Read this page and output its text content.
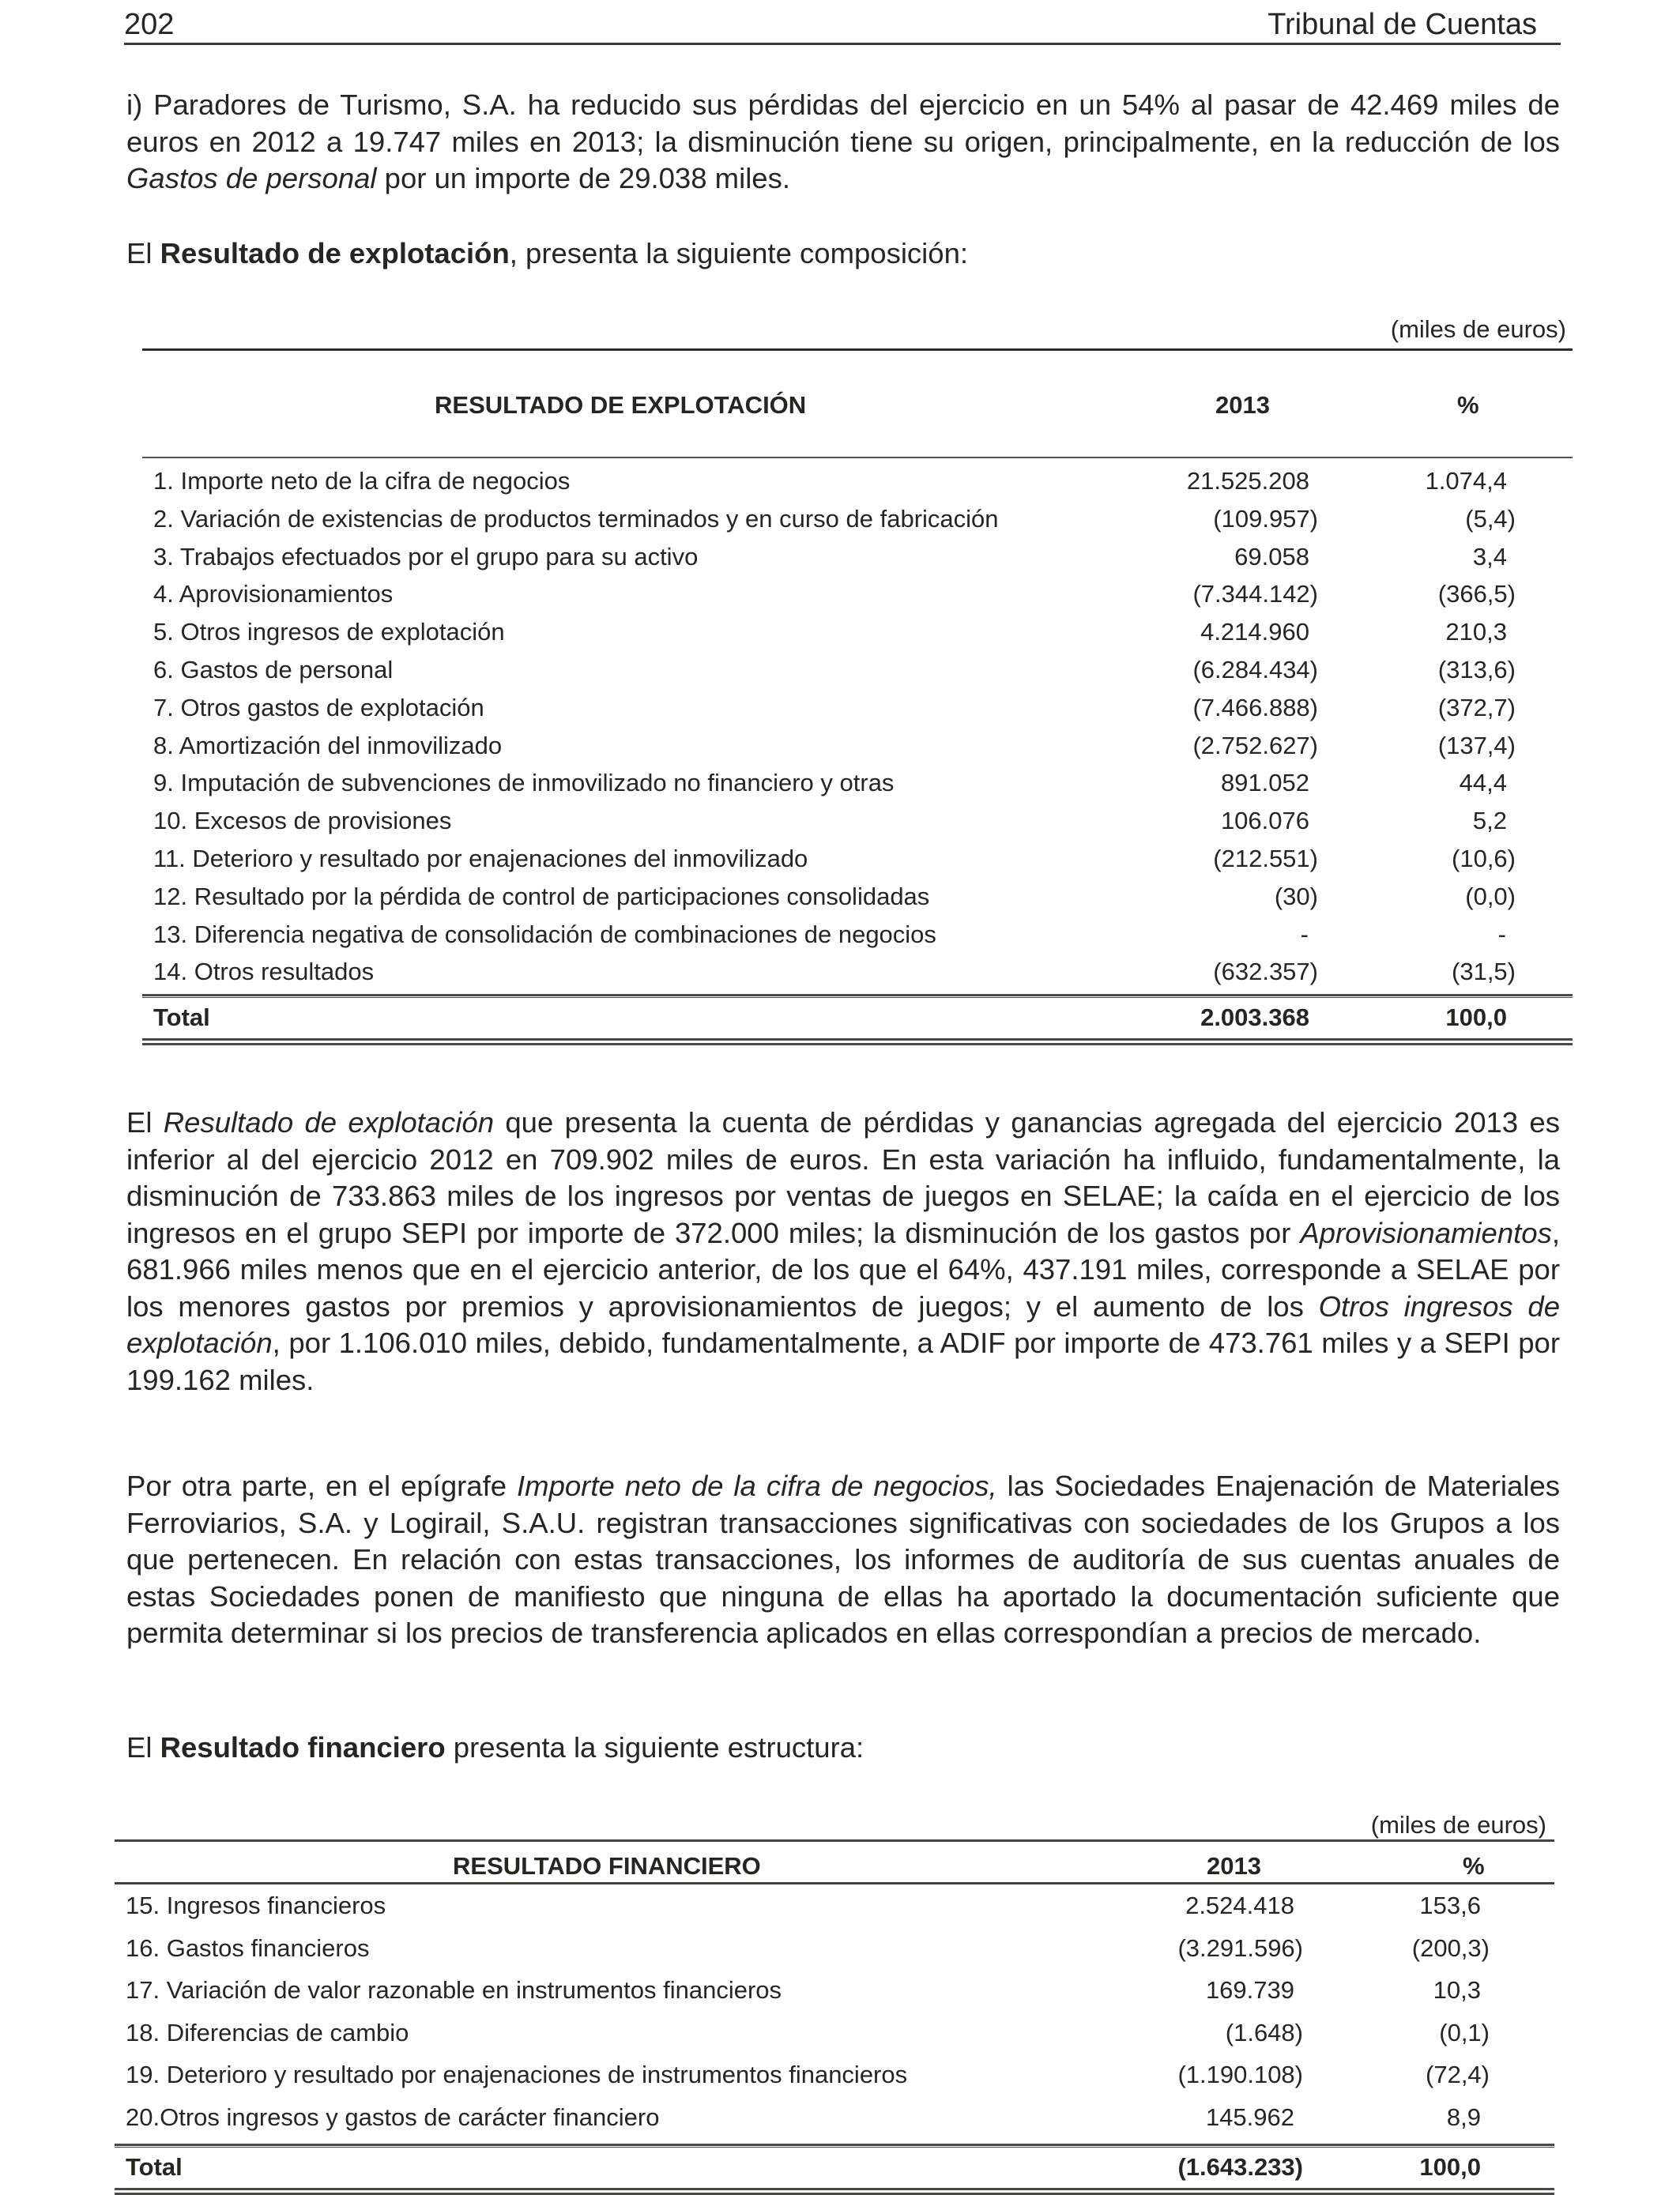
202	Tribunal de Cuentas

i) Paradores de Turismo, S.A. ha reducido sus pérdidas del ejercicio en un 54% al pasar de 42.469 miles de euros en 2012 a 19.747 miles en 2013; la disminución tiene su origen, principalmente, en la reducción de los Gastos de personal por un importe de 29.038 miles.

El Resultado de explotación, presenta la siguiente composición:

(miles de euros)
RESULTADO DE EXPLOTACIÓN	2013	%
1. Importe neto de la cifra de negocios	21.525.208	1.074,4
2. Variación de existencias de productos terminados y en curso de fabricación	(109.957)	(5,4)
3. Trabajos efectuados por el grupo para su activo	69.058	3,4
4. Aprovisionamientos	(7.344.142)	(366,5)
5. Otros ingresos de explotación	4.214.960	210,3
6. Gastos de personal	(6.284.434)	(313,6)
7. Otros gastos de explotación	(7.466.888)	(372,7)
8. Amortización del inmovilizado	(2.752.627)	(137,4)
9. Imputación de subvenciones de inmovilizado no financiero y otras	891.052	44,4
10. Excesos de provisiones	106.076	5,2
11. Deterioro y resultado por enajenaciones del inmovilizado	(212.551)	(10,6)
12. Resultado por la pérdida de control de participaciones consolidadas	(30)	(0,0)
13. Diferencia negativa de consolidación de combinaciones de negocios	-	-
14. Otros resultados	(632.357)	(31,5)
Total	2.003.368	100,0

El Resultado de explotación que presenta la cuenta de pérdidas y ganancias agregada del ejercicio 2013 es inferior al del ejercicio 2012 en 709.902 miles de euros. En esta variación ha influido, fundamentalmente, la disminución de 733.863 miles de los ingresos por ventas de juegos en SELAE; la caída en el ejercicio de los ingresos en el grupo SEPI por importe de 372.000 miles; la disminución de los gastos por Aprovisionamientos, 681.966 miles menos que en el ejercicio anterior, de los que el 64%, 437.191 miles, corresponde a SELAE por los menores gastos por premios y aprovisionamientos de juegos; y el aumento de los Otros ingresos de explotación, por 1.106.010 miles, debido, fundamentalmente, a ADIF por importe de 473.761 miles y a SEPI por 199.162 miles.

Por otra parte, en el epígrafe Importe neto de la cifra de negocios, las Sociedades Enajenación de Materiales Ferroviarios, S.A. y Logirail, S.A.U. registran transacciones significativas con sociedades de los Grupos a los que pertenecen. En relación con estas transacciones, los informes de auditoría de sus cuentas anuales de estas Sociedades ponen de manifiesto que ninguna de ellas ha aportado la documentación suficiente que permita determinar si los precios de transferencia aplicados en ellas correspondían a precios de mercado.

El Resultado financiero presenta la siguiente estructura:

(miles de euros)
RESULTADO FINANCIERO	2013	%
15. Ingresos financieros	2.524.418	153,6
16. Gastos financieros	(3.291.596)	(200,3)
17. Variación de valor razonable en instrumentos financieros	169.739	10,3
18. Diferencias de cambio	(1.648)	(0,1)
19. Deterioro y resultado por enajenaciones de instrumentos financieros	(1.190.108)	(72,4)
20.Otros ingresos y gastos de carácter financiero	145.962	8,9
Total	(1.643.233)	100,0
